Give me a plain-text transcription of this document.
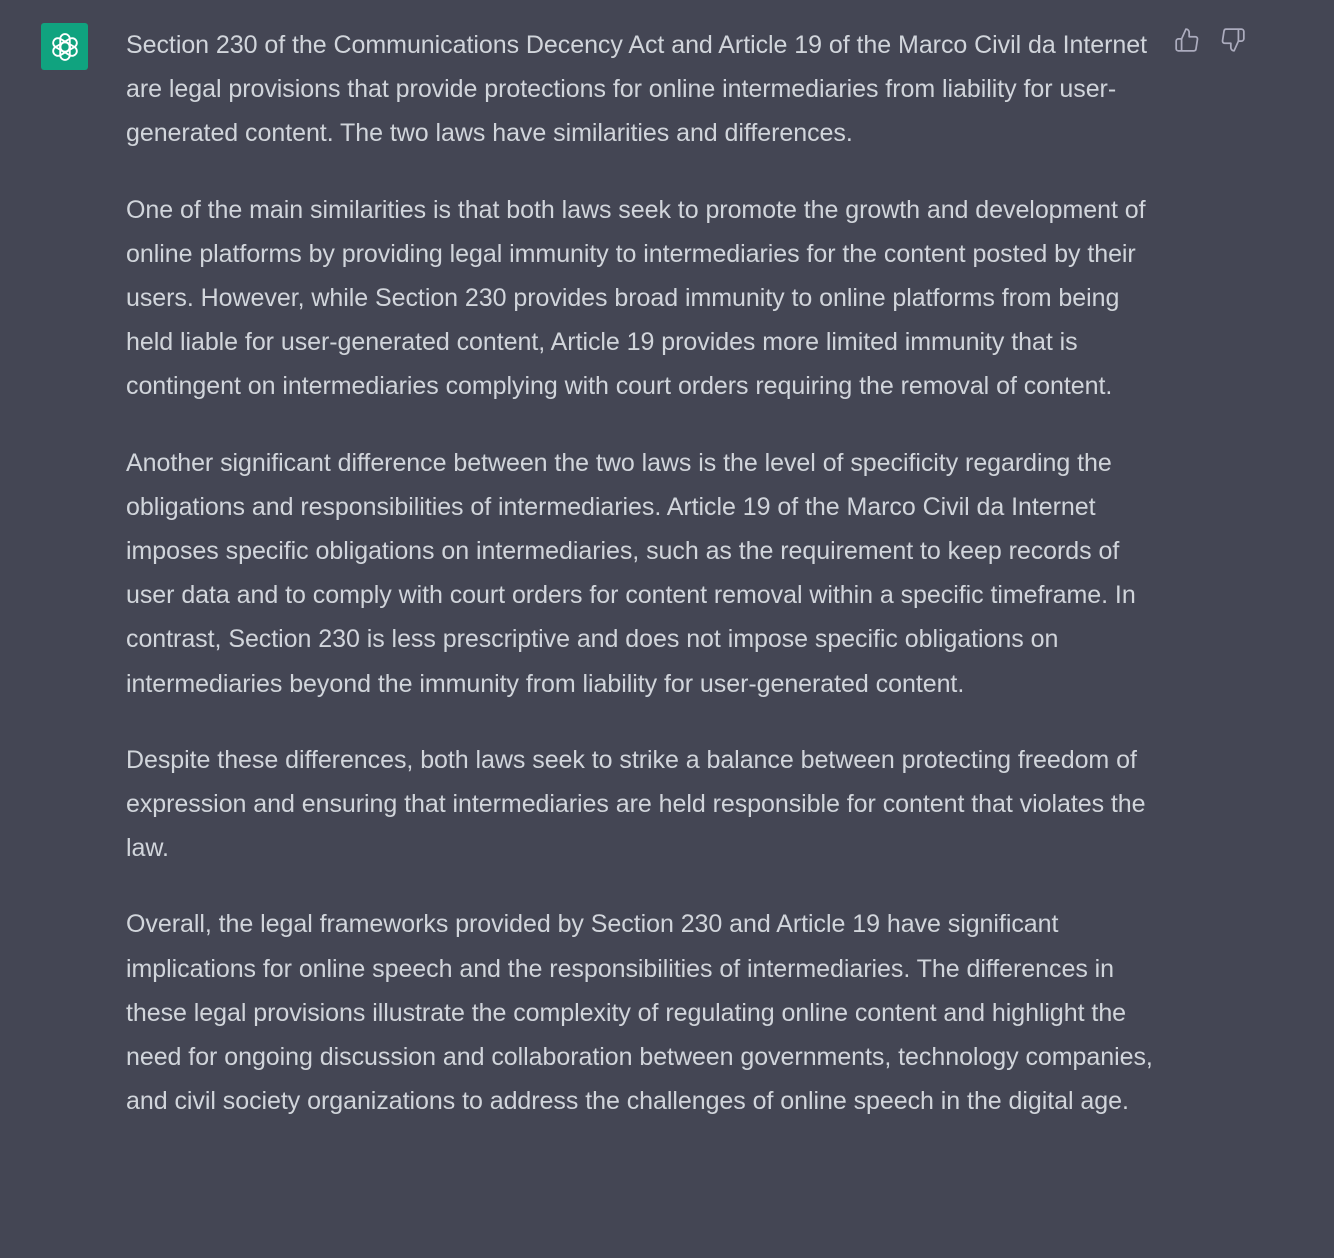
Section 230 of the Communications Decency Act and Article 19 of the Marco Civil da Internet are legal provisions that provide protections for online intermediaries from liability for user-generated content. The two laws have similarities and differences.

One of the main similarities is that both laws seek to promote the growth and development of online platforms by providing legal immunity to intermediaries for the content posted by their users. However, while Section 230 provides broad immunity to online platforms from being held liable for user-generated content, Article 19 provides more limited immunity that is contingent on intermediaries complying with court orders requiring the removal of content.

Another significant difference between the two laws is the level of specificity regarding the obligations and responsibilities of intermediaries. Article 19 of the Marco Civil da Internet imposes specific obligations on intermediaries, such as the requirement to keep records of user data and to comply with court orders for content removal within a specific timeframe. In contrast, Section 230 is less prescriptive and does not impose specific obligations on intermediaries beyond the immunity from liability for user-generated content.

Despite these differences, both laws seek to strike a balance between protecting freedom of expression and ensuring that intermediaries are held responsible for content that violates the law.

Overall, the legal frameworks provided by Section 230 and Article 19 have significant implications for online speech and the responsibilities of intermediaries. The differences in these legal provisions illustrate the complexity of regulating online content and highlight the need for ongoing discussion and collaboration between governments, technology companies, and civil society organizations to address the challenges of online speech in the digital age.
